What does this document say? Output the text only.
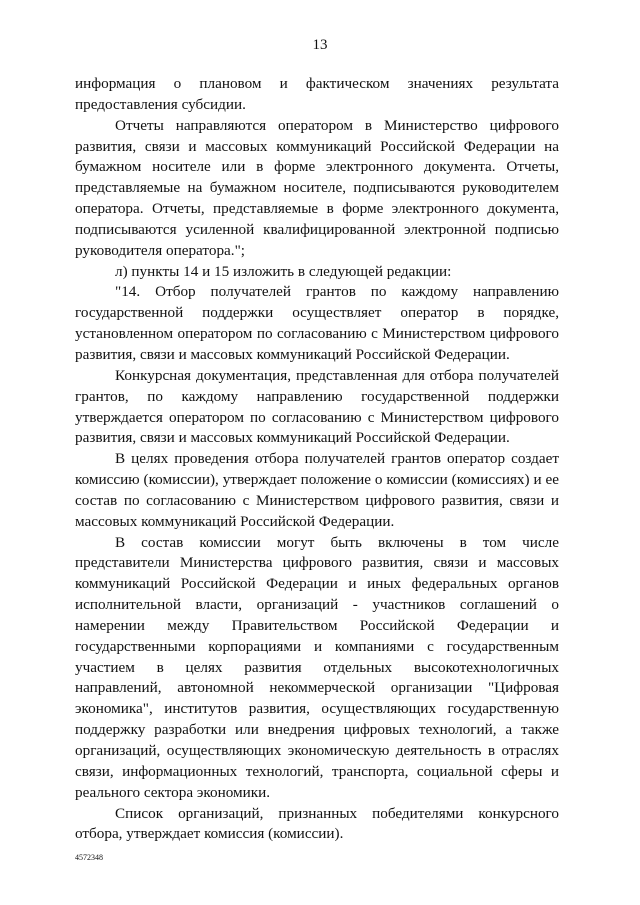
13

информация о плановом и фактическом значениях результата предоставления субсидии.

Отчеты направляются оператором в Министерство цифрового развития, связи и массовых коммуникаций Российской Федерации на бумажном носителе или в форме электронного документа. Отчеты, представляемые на бумажном носителе, подписываются руководителем оператора. Отчеты, представляемые в форме электронного документа, подписываются усиленной квалифицированной электронной подписью руководителя оператора.";

л) пункты 14 и 15 изложить в следующей редакции:

"14. Отбор получателей грантов по каждому направлению государственной поддержки осуществляет оператор в порядке, установленном оператором по согласованию с Министерством цифрового развития, связи и массовых коммуникаций Российской Федерации.

Конкурсная документация, представленная для отбора получателей грантов, по каждому направлению государственной поддержки утверждается оператором по согласованию с Министерством цифрового развития, связи и массовых коммуникаций Российской Федерации.

В целях проведения отбора получателей грантов оператор создает комиссию (комиссии), утверждает положение о комиссии (комиссиях) и ее состав по согласованию с Министерством цифрового развития, связи и массовых коммуникаций Российской Федерации.

В состав комиссии могут быть включены в том числе представители Министерства цифрового развития, связи и массовых коммуникаций Российской Федерации и иных федеральных органов исполнительной власти, организаций - участников соглашений о намерении между Правительством Российской Федерации и государственными корпорациями и компаниями с государственным участием в целях развития отдельных высокотехнологичных направлений, автономной некоммерческой организации "Цифровая экономика", институтов развития, осуществляющих государственную поддержку разработки или внедрения цифровых технологий, а также организаций, осуществляющих экономическую деятельность в отраслях связи, информационных технологий, транспорта, социальной сферы и реального сектора экономики.

Список организаций, признанных победителями конкурсного отбора, утверждает комиссия (комиссии).

4572348
